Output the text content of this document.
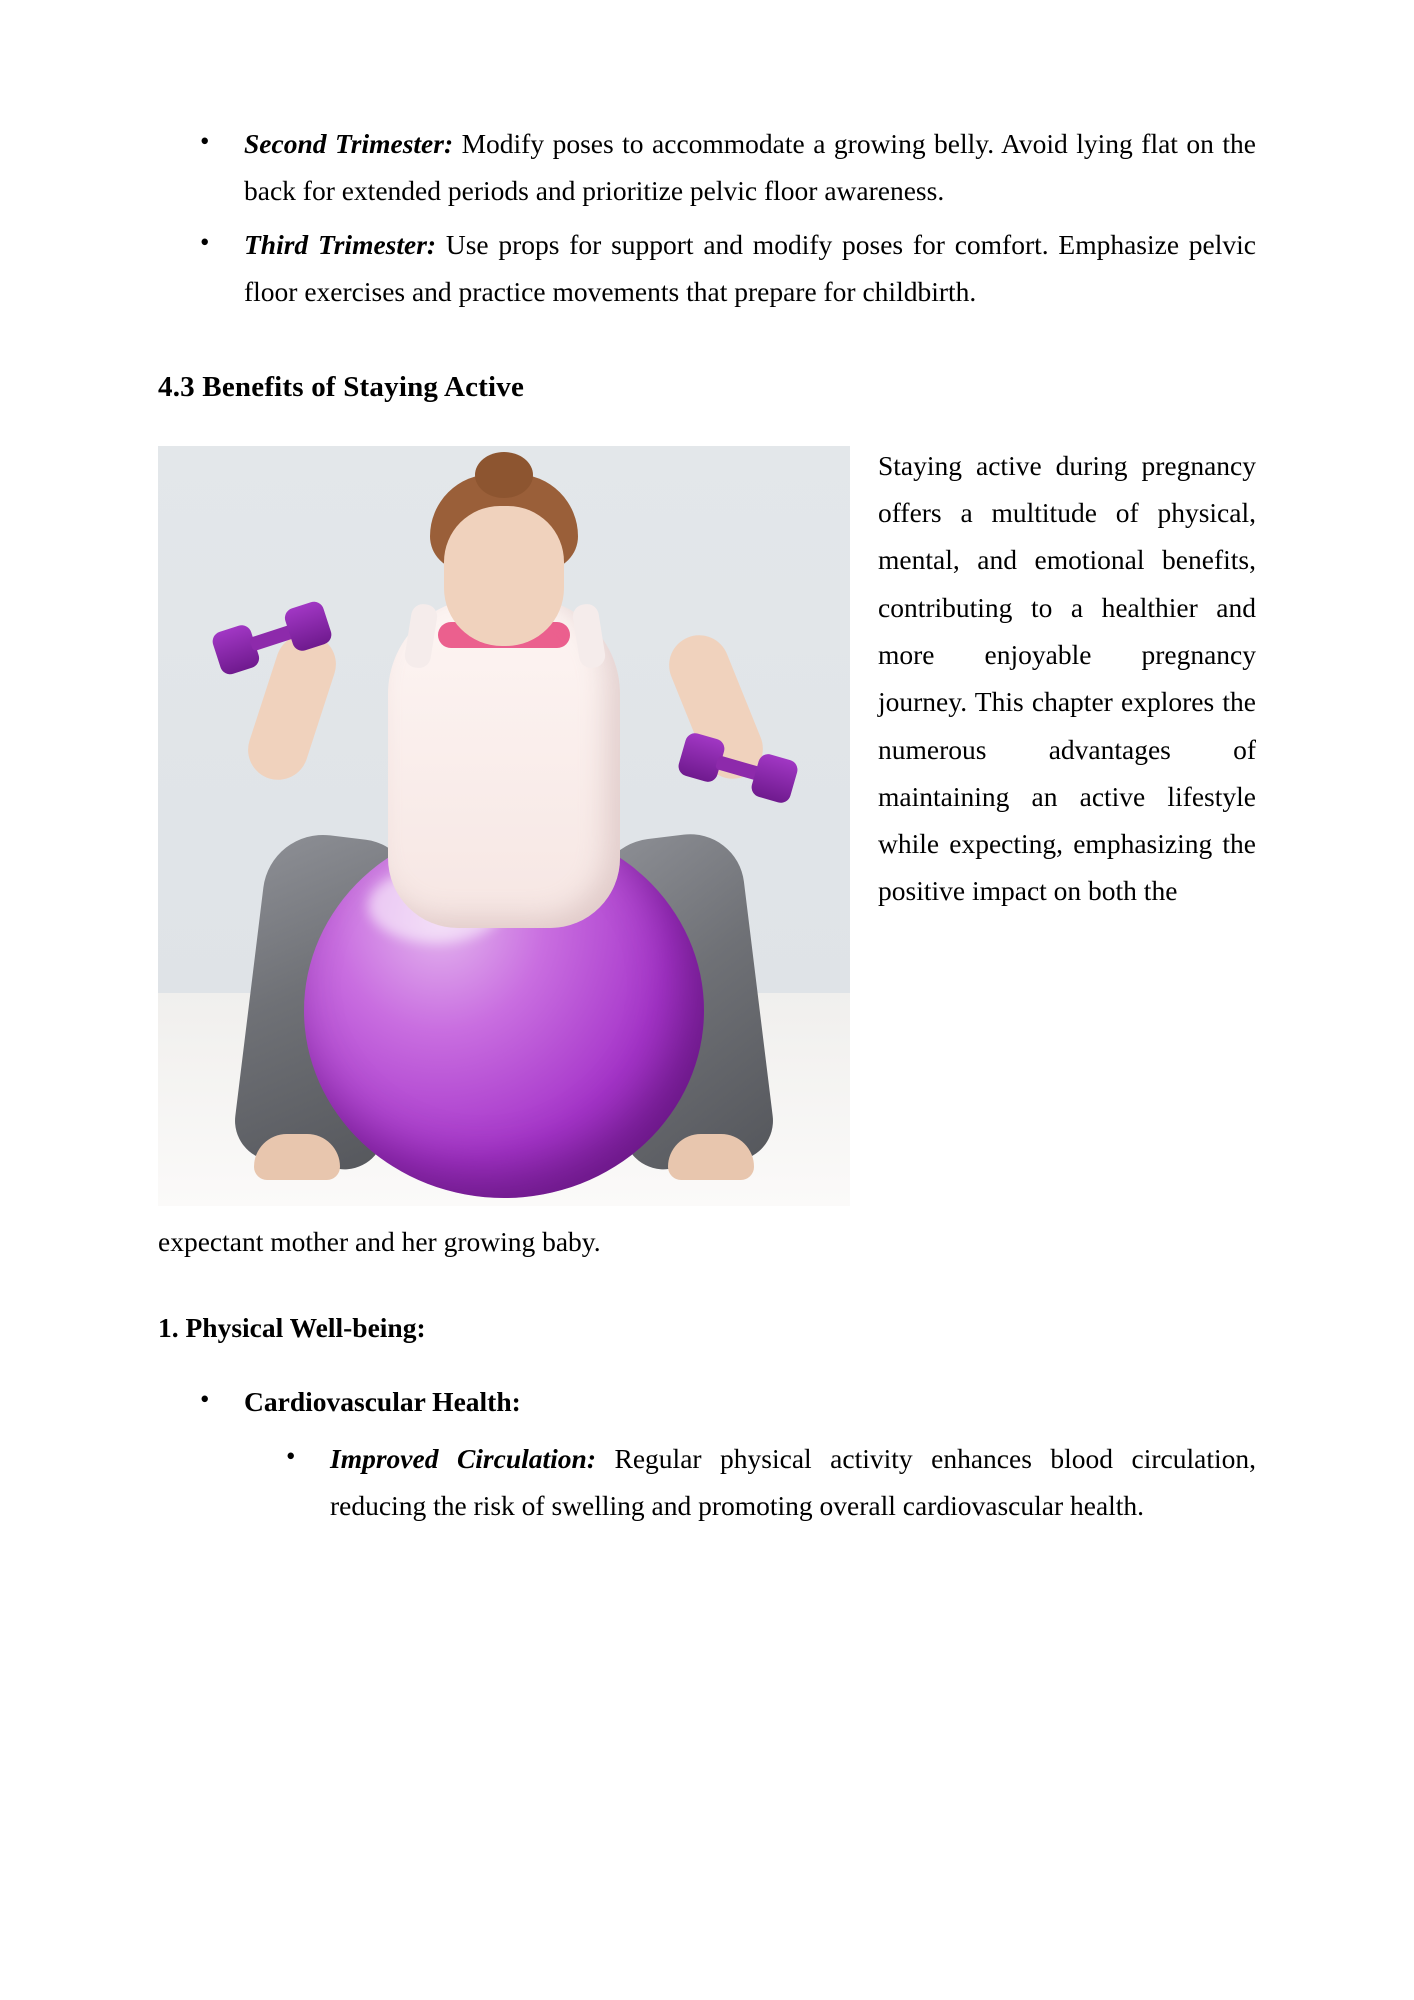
• Second Trimester: Modify poses to accommodate a growing belly. Avoid lying flat on the back for extended periods and prioritize pelvic floor awareness.
• Third Trimester: Use props for support and modify poses for comfort. Emphasize pelvic floor exercises and practice movements that prepare for childbirth.
4.3 Benefits of Staying Active

Staying active during pregnancy offers a multitude of physical, mental, and emotional benefits, contributing to a healthier and more enjoyable pregnancy journey. This chapter explores the numerous advantages of maintaining an active lifestyle while expecting, emphasizing the positive impact on both the

expectant mother and her growing baby.

1. Physical Well-being:
• Cardiovascular Health:
• Improved Circulation: Regular physical activity enhances blood circulation, reducing the risk of swelling and promoting overall cardiovascular health.
